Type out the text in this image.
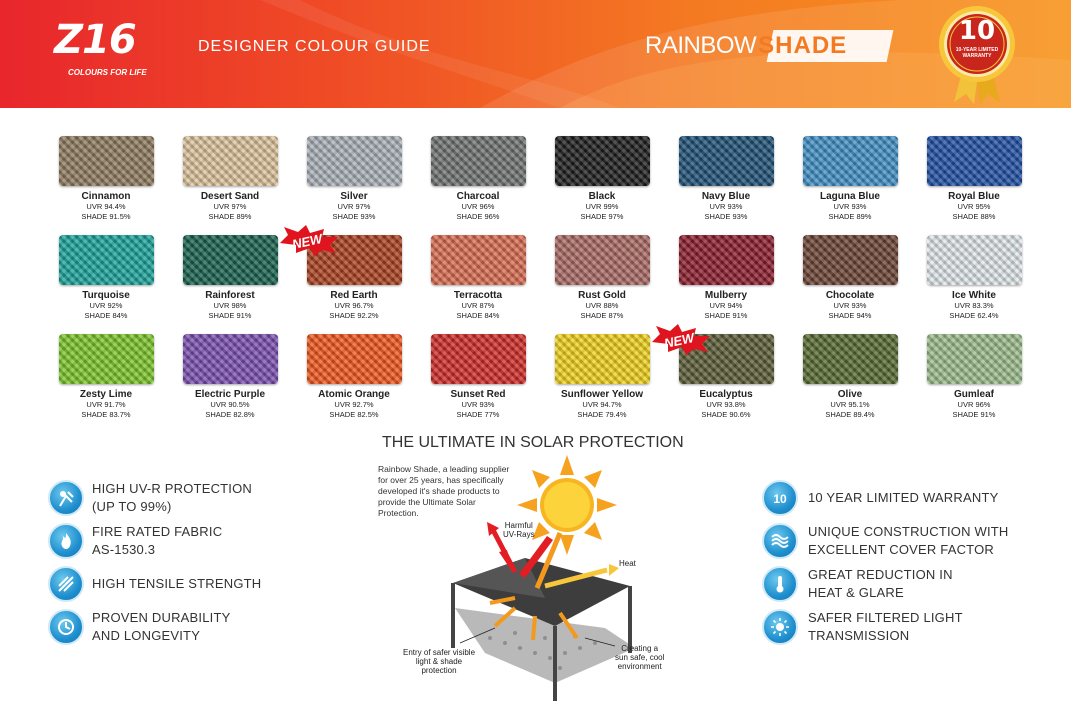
Z16
COLOURS FOR LIFE
DESIGNER COLOUR GUIDE	RAINBOWSHADE	10
10-YEAR LIMITED WARRANTY
Cinnamon
UVR 94.4%
SHADE 91.5%
Desert Sand
UVR 97%
SHADE 89%
Silver
UVR 97%
SHADE 93%
Charcoal
UVR 96%
SHADE 96%
Black
UVR 99%
SHADE 97%
Navy Blue
UVR 93%
SHADE 93%
Laguna Blue
UVR 93%
SHADE 89%
Royal Blue
UVR 95%
SHADE 88%
Turquoise
UVR 92%
SHADE 84%
Rainforest
UVR 98%
SHADE 91%
Red Earth
UVR 96.7%
SHADE 92.2%
NEW
Terracotta
UVR 87%
SHADE 84%
Rust Gold
UVR 88%
SHADE 87%
Mulberry
UVR 94%
SHADE 91%
Chocolate
UVR 93%
SHADE 94%
Ice White
UVR 83.3%
SHADE 62.4%
Zesty Lime
UVR 91.7%
SHADE 83.7%
Electric Purple
UVR 90.5%
SHADE 82.8%
Atomic Orange
UVR 92.7%
SHADE 82.5%
Sunset Red
UVR 93%
SHADE 77%
Sunflower Yellow
UVR 94.7%
SHADE 79.4%
Eucalyptus
UVR 93.8%
SHADE 90.6%
NEW
Olive
UVR 95.1%
SHADE 89.4%
Gumleaf
UVR 96%
SHADE 91%
THE ULTIMATE IN SOLAR PROTECTION
HIGH UV-R PROTECTION
(UP TO 99%)
FIRE RATED FABRIC
AS-1530.3
HIGH TENSILE STRENGTH
PROVEN DURABILITY
AND LONGEVITY
10 10 YEAR LIMITED WARRANTY
UNIQUE CONSTRUCTION WITH
EXCELLENT COVER FACTOR
GREAT REDUCTION IN
HEAT & GLARE
SAFER FILTERED LIGHT
TRANSMISSION
Harmful
UV-Rays
Heat
Entry of safer visible
light & shade
protection
Creating a
sun safe, cool
environment
Rainbow Shade, a leading supplier for over 25 years, has specifically developed it's shade products to provide the Ultimate Solar Protection.
